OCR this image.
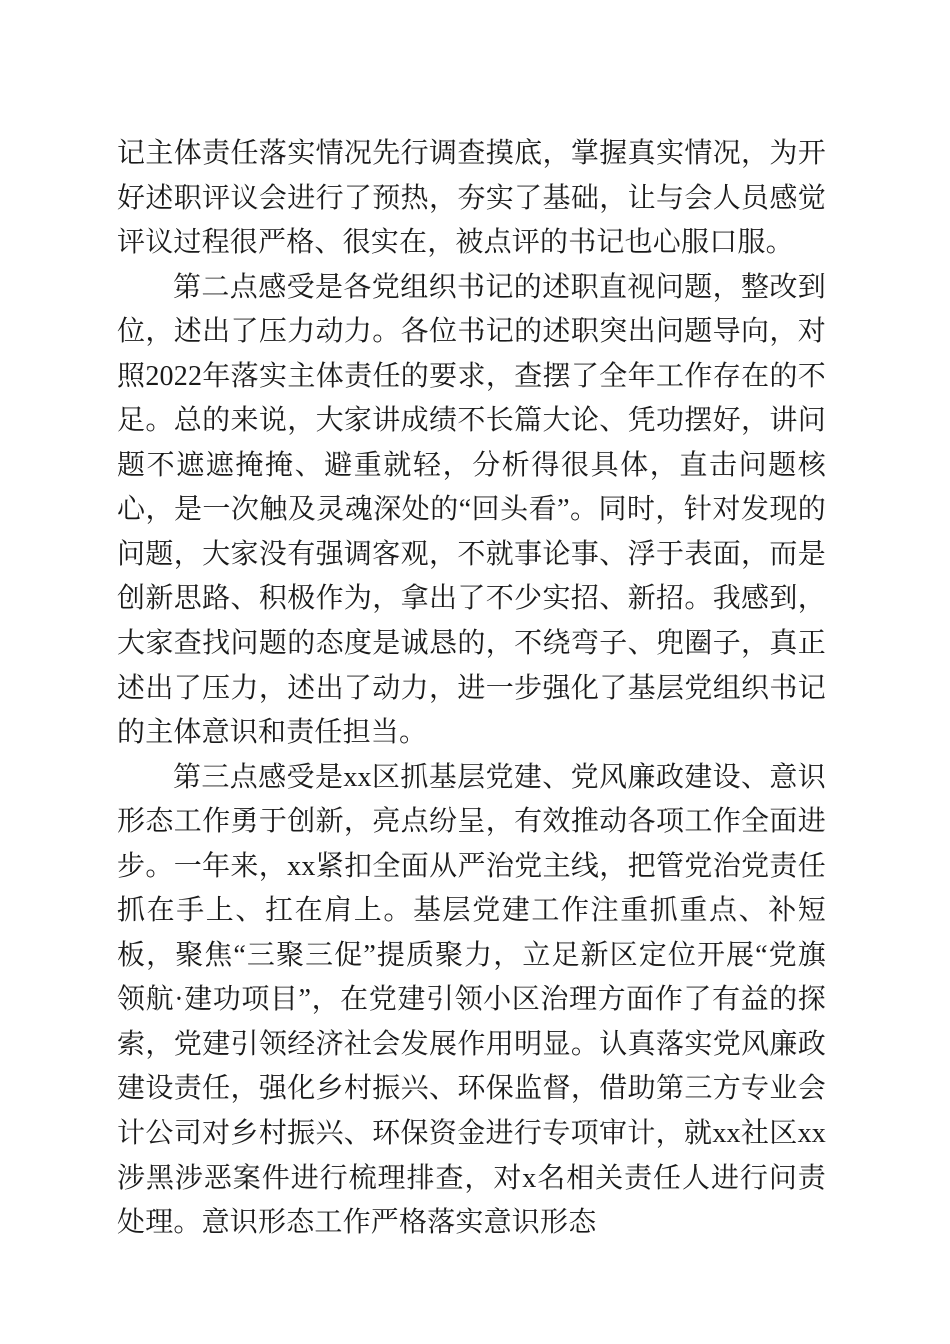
记主体责任落实情况先行调查摸底，掌握真实情况，为开好述职评议会进行了预热，夯实了基础，让与会人员感觉评议过程很严格、很实在，被点评的书记也心服口服。

第二点感受是各党组织书记的述职直视问题，整改到位，述出了压力动力。各位书记的述职突出问题导向，对照2022年落实主体责任的要求，查摆了全年工作存在的不足。总的来说，大家讲成绩不长篇大论、凭功摆好，讲问题不遮遮掩掩、避重就轻，分析得很具体，直击问题核心，是一次触及灵魂深处的“回头看”。同时，针对发现的问题，大家没有强调客观，不就事论事、浮于表面，而是创新思路、积极作为，拿出了不少实招、新招。我感到，大家查找问题的态度是诚恳的，不绕弯子、兜圈子，真正述出了压力，述出了动力，进一步强化了基层党组织书记的主体意识和责任担当。

第三点感受是xx区抓基层党建、党风廉政建设、意识形态工作勇于创新，亮点纷呈，有效推动各项工作全面进步。一年来，xx紧扣全面从严治党主线，把管党治党责任抓在手上、扛在肩上。基层党建工作注重抓重点、补短板，聚焦“三聚三促”提质聚力，立足新区定位开展“党旗领航·建功项目”，在党建引领小区治理方面作了有益的探索，党建引领经济社会发展作用明显。认真落实党风廉政建设责任，强化乡村振兴、环保监督，借助第三方专业会计公司对乡村振兴、环保资金进行专项审计，就xx社区xx涉黑涉恶案件进行梳理排查，对x名相关责任人进行问责处理。意识形态工作严格落实意识形态
